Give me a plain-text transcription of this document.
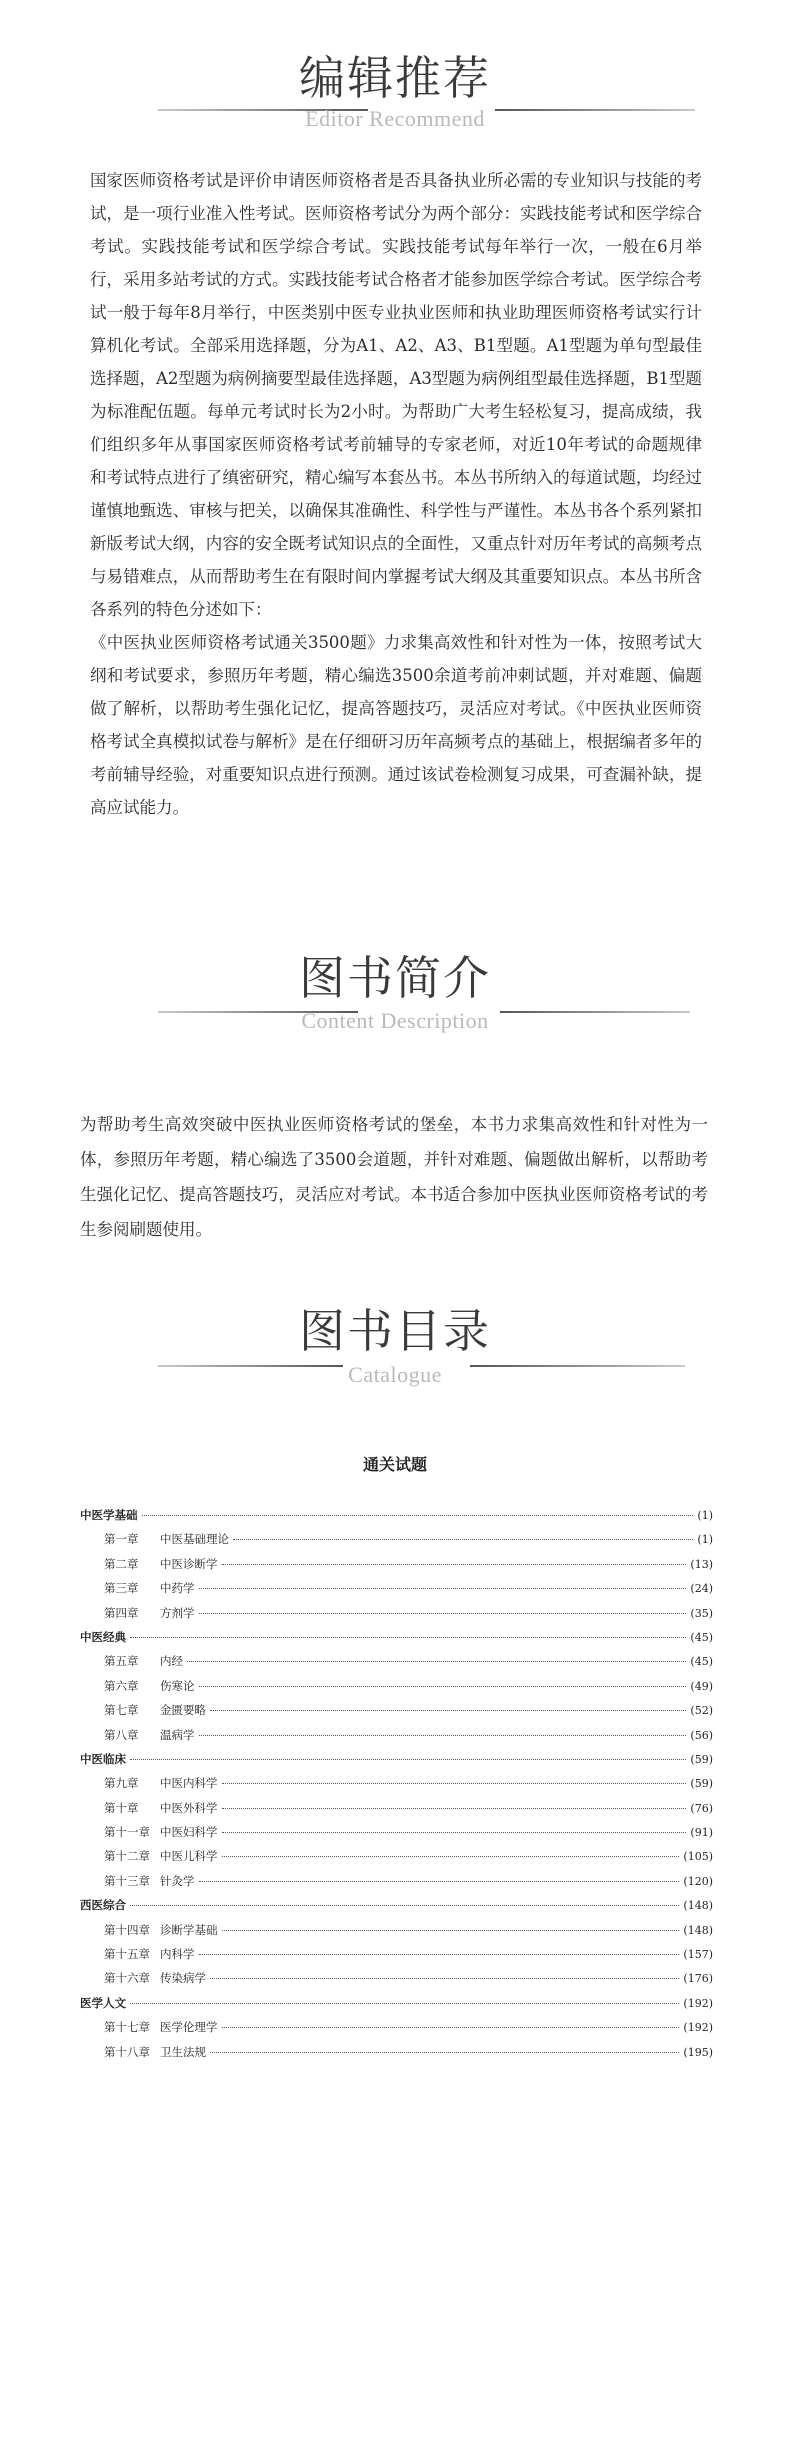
编辑推荐
Editor Recommend

国家医师资格考试是评价申请医师资格者是否具备执业所必需的专业知识与技能的考试，是一项行业准入性考试。医师资格考试分为两个部分：实践技能考试和医学综合考试。实践技能考试和医学综合考试。实践技能考试每年举行一次，一般在6月举行，采用多站考试的方式。实践技能考试合格者才能参加医学综合考试。医学综合考试一般于每年8月举行，中医类别中医专业执业医师和执业助理医师资格考试实行计算机化考试。全部采用选择题，分为A1、A2、A3、B1型题。A1型题为单句型最佳选择题，A2型题为病例摘要型最佳选择题，A3型题为病例组型最佳选择题，B1型题为标准配伍题。每单元考试时长为2小时。为帮助广大考生轻松复习，提高成绩，我们组织多年从事国家医师资格考试考前辅导的专家老师，对近10年考试的命题规律和考试特点进行了缜密研究，精心编写本套丛书。本丛书所纳入的每道试题，均经过谨慎地甄选、审核与把关，以确保其准确性、科学性与严谨性。本丛书各个系列紧扣新版考试大纲，内容的安全既考试知识点的全面性，又重点针对历年考试的高频考点与易错难点，从而帮助考生在有限时间内掌握考试大纲及其重要知识点。本丛书所含各系列的特色分述如下：

《中医执业医师资格考试通关3500题》力求集高效性和针对性为一体，按照考试大纲和考试要求，参照历年考题，精心编选3500余道考前冲刺试题，并对难题、偏题做了解析，以帮助考生强化记忆，提高答题技巧，灵活应对考试。《中医执业医师资格考试全真模拟试卷与解析》是在仔细研习历年高频考点的基础上，根据编者多年的考前辅导经验，对重要知识点进行预测。通过该试卷检测复习成果，可查漏补缺，提高应试能力。

图书简介
Content Description

为帮助考生高效突破中医执业医师资格考试的堡垒，本书力求集高效性和针对性为一体，参照历年考题，精心编选了3500会道题，并针对难题、偏题做出解析，以帮助考生强化记忆、提高答题技巧，灵活应对考试。本书适合参加中医执业医师资格考试的考生参阅刷题使用。

图书目录
Catalogue
通关试题
中医学基础	(1)
第一章	中医基础理论	(1)
第二章	中医诊断学	(13)
第三章	中药学	(24)
第四章	方剂学	(35)
中医经典	(45)
第五章	内经	(45)
第六章	伤寒论	(49)
第七章	金匮要略	(52)
第八章	温病学	(56)
中医临床	(59)
第九章	中医内科学	(59)
第十章	中医外科学	(76)
第十一章 中医妇科学	(91)
第十二章 中医儿科学	(105)
第十三章 针灸学	(120)
西医综合	(148)
第十四章 诊断学基础	(148)
第十五章 内科学	(157)
第十六章 传染病学	(176)
医学人文	(192)
第十七章 医学伦理学	(192)
第十八章 卫生法规	(195)
